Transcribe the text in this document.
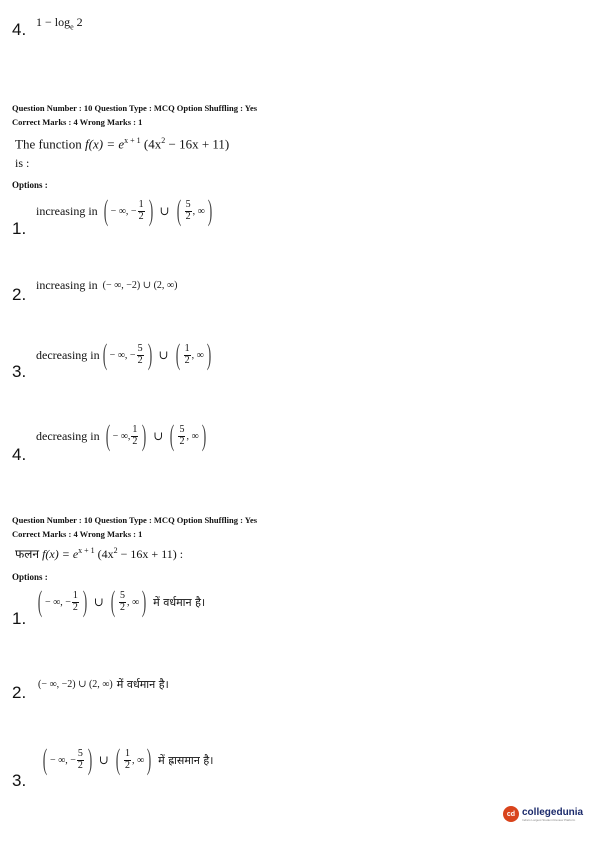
4. $1 - \log_e 2$
Question Number : 10 Question Type : MCQ Option Shuffling : Yes
Correct Marks : 4 Wrong Marks : 1
The function $f(x) = e^{x + 1}$ $(4x^2 - 16x + 11)$
is :
Options :
1.
increasing in ( − ∞, − $\frac{1}{2}$ ) ∪ ( $\frac{5}{2}$ , ∞ )
2. increasing in (− ∞, −2) ∪ (2, ∞)
3.
decreasing in ( − ∞, − $\frac{5}{2}$ ) ∪ ( $\frac{1}{2}$ , ∞ )
4.
decreasing in ( − ∞, $\frac{1}{2}$ ) ∪ ( $\frac{5}{2}$ , ∞ )
Question Number : 10 Question Type : MCQ Option Shuffling : Yes
Correct Marks : 4 Wrong Marks : 1
फलन $f(x) = e^{x + 1}$ $(4x^2 - 16x + 11)$ :
Options :
1.
( − ∞, − $\frac{1}{2}$ ) ∪ ( $\frac{5}{2}$ , ∞ ) में वर्धमान है।
2. (− ∞, −2) ∪ (2, ∞) में वर्धमान है।
3.
( − ∞, − $\frac{5}{2}$ ) ∪ ( $\frac{1}{2}$ , ∞ ) में ह्रासमान है।
cd collegedunia
India's Largest Student Review Platform
